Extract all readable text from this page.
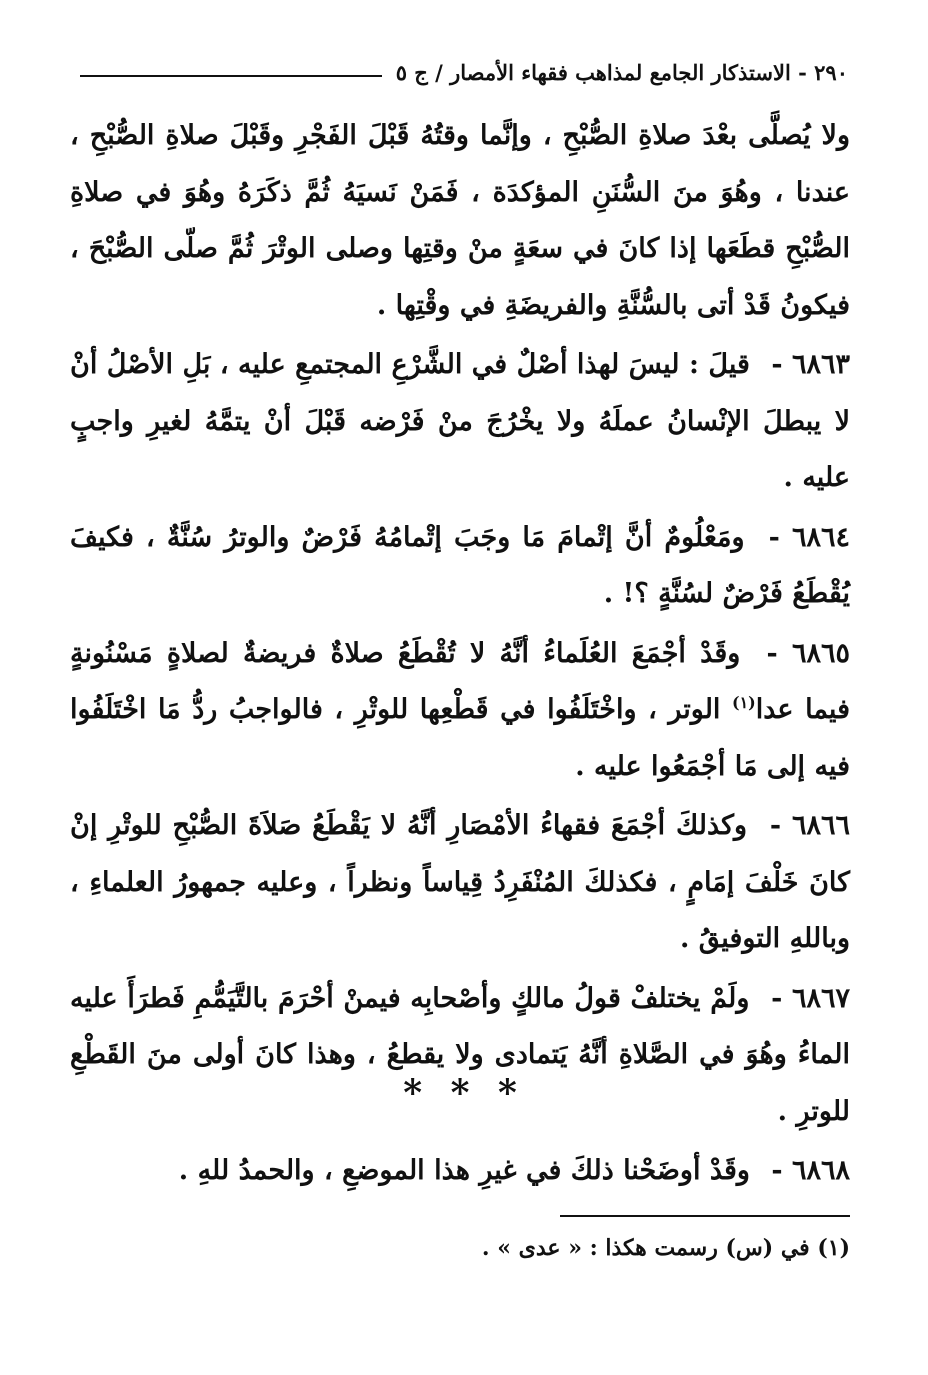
٢٩٠ - الاستذكار الجامع لمذاهب فقهاء الأمصار / ج ٥

ولا يُصلَّى بعْدَ صلاةِ الصُّبْحِ ، وإنَّما وقتُهُ قَبْلَ الفَجْرِ وقَبْلَ صلاةِ الصُّبْحِ ، عندنا ، وهُوَ منَ السُّنَنِ المؤكدَة ، فَمَنْ نَسيَهُ ثُمَّ ذكَرَهُ وهُوَ في صلاةِ الصُّبْحِ قطَعَها إذا كانَ في سعَةٍ منْ وقتِها وصلى الوتْرَ ثُمَّ صلّى الصُّبْحَ ، فيكونُ قَدْ أتى بالسُّنَّةِ والفريضَةِ في وقْتِها .

٦٨٦٣ - قيلَ : ليسَ لهذا أصْلٌ في الشَّرْعِ المجتمعِ عليه ، بَلِ الأصْلُ أنْ لا يبطلَ الإنْسانُ عملَهُ ولا يخْرُجَ منْ فَرْضه قَبْلَ أنْ يتمَّهُ لغيرِ واجبٍ عليه .

٦٨٦٤ - ومَعْلُومٌ أنَّ إتْمامَ مَا وجَبَ إتْمامُهُ فَرْضٌ والوترُ سُنَّةٌ ، فكيفَ يُقْطَعُ فَرْضٌ لسُنَّةٍ ؟! .

٦٨٦٥ - وقَدْ أجْمَعَ العُلَماءُ أنَّهُ لا تُقْطَعُ صلاةٌ فريضةٌ لصلاةٍ مَسْنُونةٍ فيما عدا$^{(١)}$ الوتر ، واخْتَلَفُوا في قَطْعِها للوتْرِ ، فالواجبُ ردُّ مَا اخْتَلَفُوا فيه إلى مَا أجْمَعُوا عليه .

٦٨٦٦ - وكذلكَ أجْمَعَ فقهاءُ الأمْصَارِ أنَّهُ لا يَقْطَعُ صَلاَةَ الصُّبْحِ للوتْرِ إنْ كانَ خَلْفَ إمَامٍ ، فكذلكَ المُنْفَرِدُ قِياساً ونظراً ، وعليه جمهورُ العلماءِ ، وباللهِ التوفيقُ .

٦٨٦٧ - ولَمْ يختلفْ قولُ مالكٍ وأصْحابِه فيمنْ أحْرَمَ بالتَّيَمُّمِ فَطرَأَ عليه الماءُ وهُوَ في الصَّلاةِ أنَّهُ يَتمادى ولا يقطعُ ، وهذا كانَ أولى منَ القَطْعِ للوترِ .

٦٨٦٨ - وقَدْ أوضَحْنا ذلكَ في غيرِ هذا الموضعِ ، والحمدُ للهِ .

* * *
(١) في (س) رسمت هكذا : « عدى » .
